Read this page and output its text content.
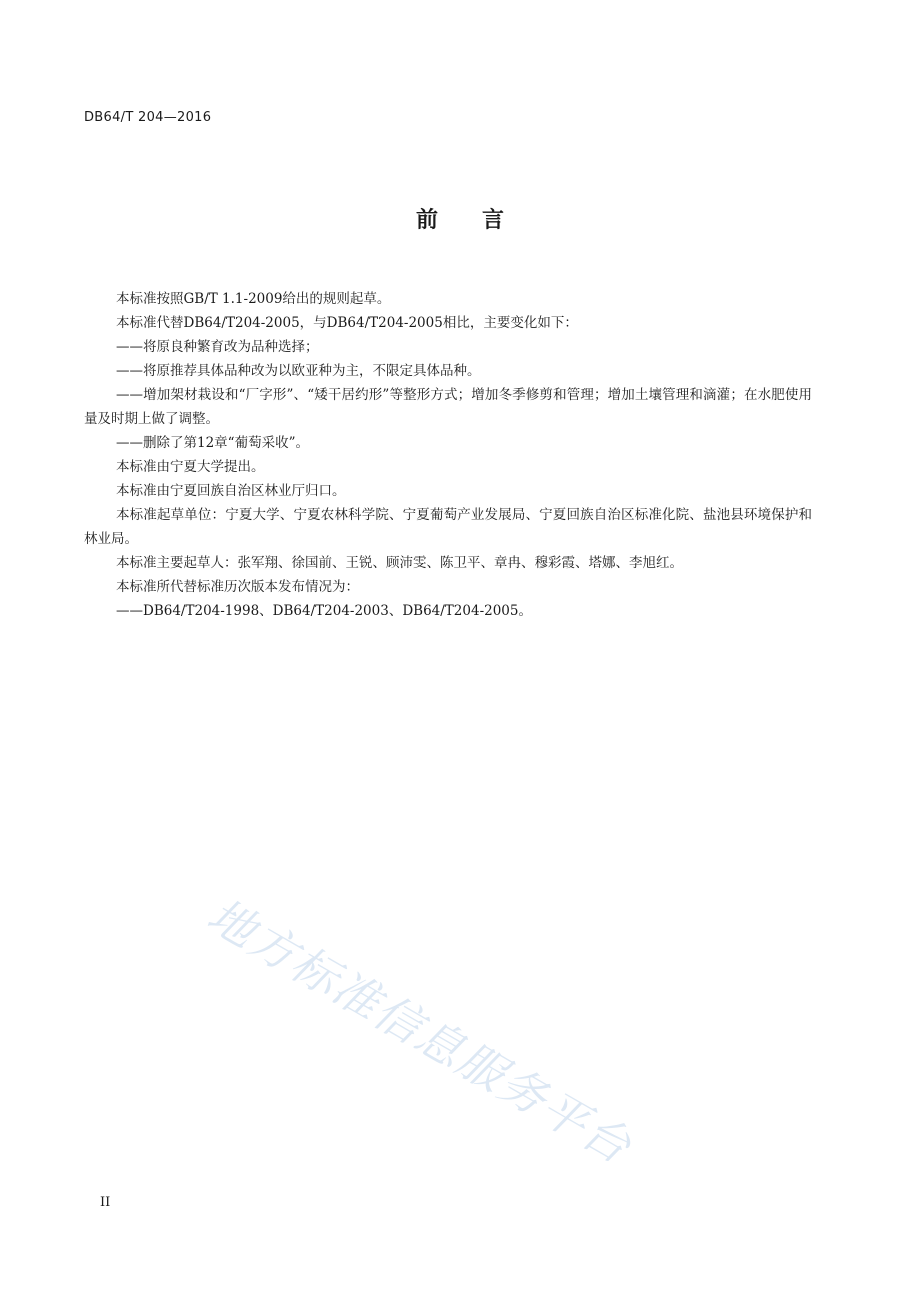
DB64/T 204—2016
前 言

本标准按照GB/T 1.1-2009给出的规则起草。

本标准代替DB64/T204-2005，与DB64/T204-2005相比，主要变化如下：

——将原良种繁育改为品种选择；

——将原推荐具体品种改为以欧亚种为主，不限定具体品种。

——增加架材栽设和“厂字形”、“矮干居约形”等整形方式；增加冬季修剪和管理；增加土壤管理和滴灌；在水肥使用量及时期上做了调整。

——删除了第12章“葡萄采收”。

本标准由宁夏大学提出。

本标准由宁夏回族自治区林业厅归口。

本标准起草单位：宁夏大学、宁夏农林科学院、宁夏葡萄产业发展局、宁夏回族自治区标准化院、盐池县环境保护和林业局。

本标准主要起草人：张军翔、徐国前、王锐、顾沛雯、陈卫平、章冉、穆彩霞、塔娜、李旭红。

本标准所代替标准历次版本发布情况为：

——DB64/T204-1998、DB64/T204-2003、DB64/T204-2005。

地方标准信息服务平台
II
